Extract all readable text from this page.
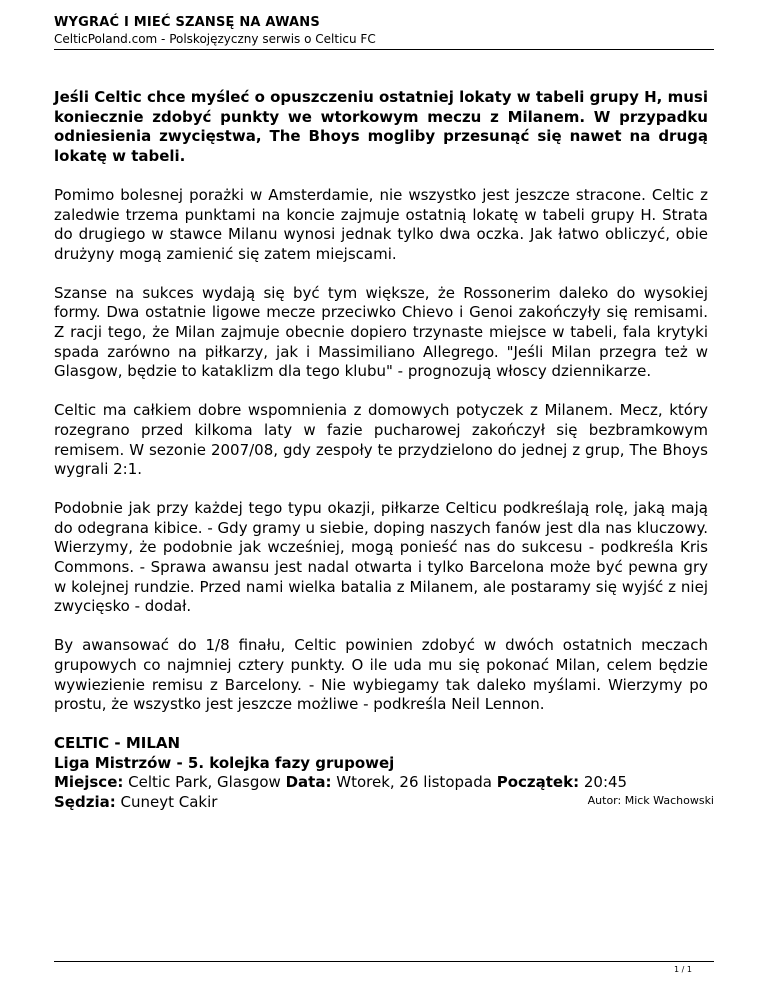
WYGRAĆ I MIEĆ SZANSĘ NA AWANS
CelticPoland.com - Polskojęzyczny serwis o Celticu FC

Jeśli Celtic chce myśleć o opuszczeniu ostatniej lokaty w tabeli grupy H, musi koniecznie zdobyć punkty we wtorkowym meczu z Milanem. W przypadku odniesienia zwycięstwa, The Bhoys mogliby przesunąć się nawet na drugą lokatę w tabeli.

Pomimo bolesnej porażki w Amsterdamie, nie wszystko jest jeszcze stracone. Celtic z zaledwie trzema punktami na koncie zajmuje ostatnią lokatę w tabeli grupy H. Strata do drugiego w stawce Milanu wynosi jednak tylko dwa oczka. Jak łatwo obliczyć, obie drużyny mogą zamienić się zatem miejscami.

Szanse na sukces wydają się być tym większe, że Rossonerim daleko do wysokiej formy. Dwa ostatnie ligowe mecze przeciwko Chievo i Genoi zakończyły się remisami. Z racji tego, że Milan zajmuje obecnie dopiero trzynaste miejsce w tabeli, fala krytyki spada zarówno na piłkarzy, jak i Massimiliano Allegrego. "Jeśli Milan przegra też w Glasgow, będzie to kataklizm dla tego klubu" - prognozują włoscy dziennikarze.

Celtic ma całkiem dobre wspomnienia z domowych potyczek z Milanem. Mecz, który rozegrano przed kilkoma laty w fazie pucharowej zakończył się bezbramkowym remisem. W sezonie 2007/08, gdy zespoły te przydzielono do jednej z grup, The Bhoys wygrali 2:1.

Podobnie jak przy każdej tego typu okazji, piłkarze Celticu podkreślają rolę, jaką mają do odegrana kibice. - Gdy gramy u siebie, doping naszych fanów jest dla nas kluczowy. Wierzymy, że podobnie jak wcześniej, mogą ponieść nas do sukcesu - podkreśla Kris Commons. - Sprawa awansu jest nadal otwarta i tylko Barcelona może być pewna gry w kolejnej rundzie. Przed nami wielka batalia z Milanem, ale postaramy się wyjść z niej zwycięsko - dodał.

By awansować do 1/8 finału, Celtic powinien zdobyć w dwóch ostatnich meczach grupowych co najmniej cztery punkty. O ile uda mu się pokonać Milan, celem będzie wywiezienie remisu z Barcelony. - Nie wybiegamy tak daleko myślami. Wierzymy po prostu, że wszystko jest jeszcze możliwe - podkreśla Neil Lennon.

CELTIC - MILAN
Liga Mistrzów - 5. kolejka fazy grupowej
Miejsce: Celtic Park, Glasgow Data: Wtorek, 26 listopada Początek: 20:45
Sędzia: Cuneyt Cakir	Autor: Mick Wachowski
1 / 1
